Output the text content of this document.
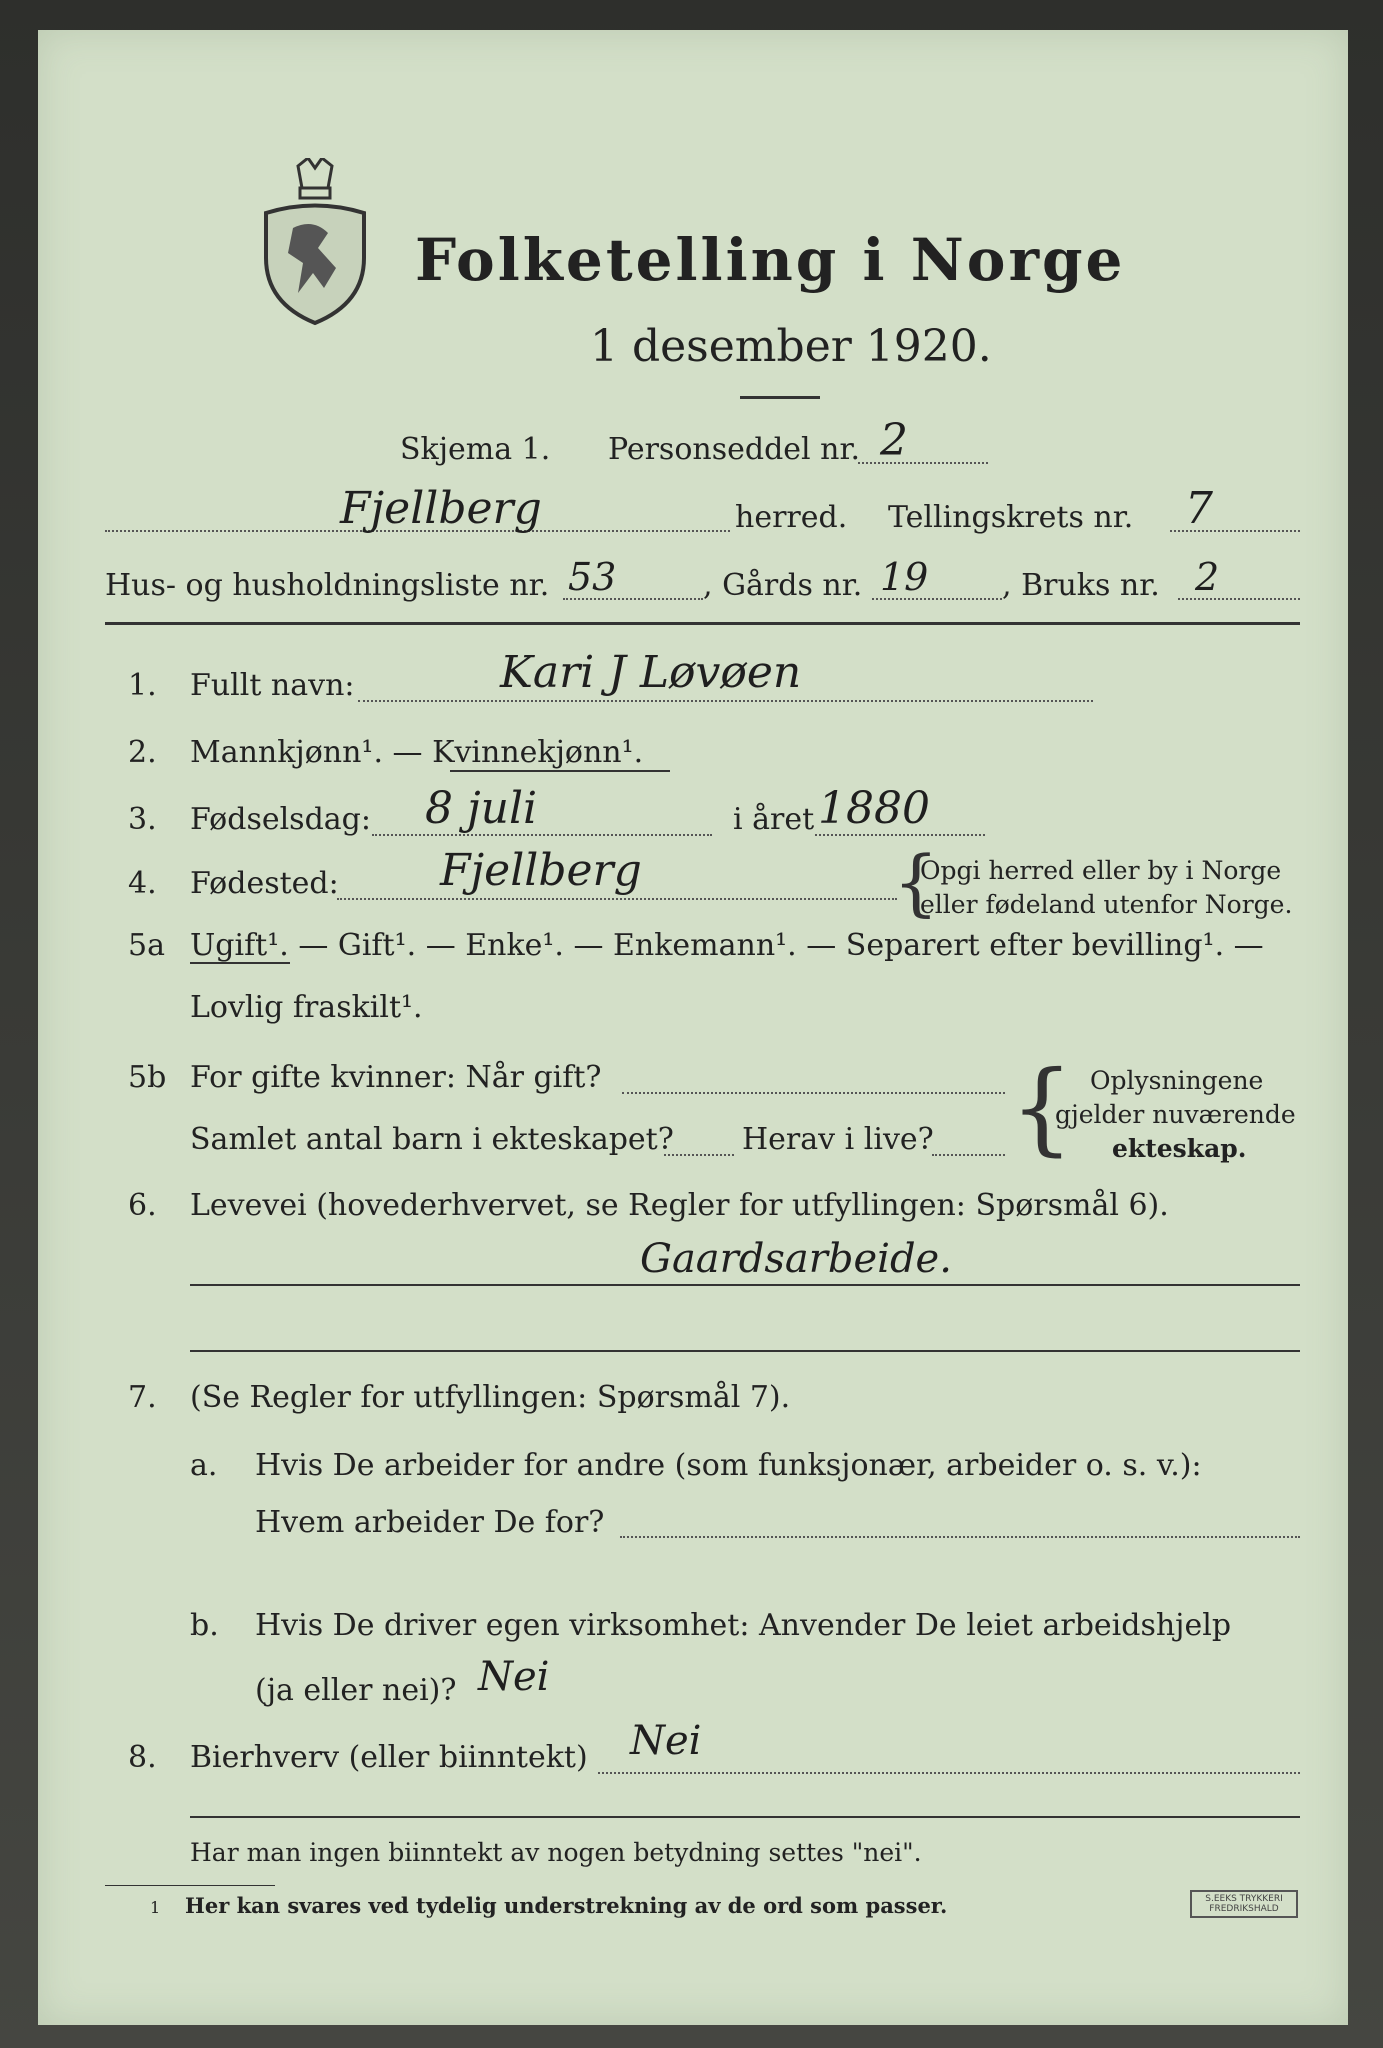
Folketelling i Norge
1 desember 1920.
Skjema 1. Personseddel nr. 2
Fjellberg	herred. Tellingskrets nr. 7
Hus- og husholdningsliste nr. 53	, Gårds nr. 19 , Bruks nr. 2
1. Fullt navn:	Kari J Løvøen
2. Mannkjønn¹. — Kvinnekjønn¹.
3. Fødselsdag: 8 juli	i året 1880
4. Fødested: Fjellberg	{
Opgi herred eller by i Norge
eller fødeland utenfor Norge.
5a Ugift¹. — Gift¹. — Enke¹. — Enkemann¹. — Separert efter bevilling¹. —
Lovlig fraskilt¹.
5b For gifte kvinner: Når gift?
Samlet antal barn i ekteskapet? Herav i live? { Oplysningene
gjelder nuværende
ekteskap.
6. Levevei (hovederhvervet, se Regler for utfyllingen: Spørsmål 6).
Gaardsarbeide.
7. (Se Regler for utfyllingen: Spørsmål 7).
a. Hvis De arbeider for andre (som funksjonær, arbeider o. s. v.):
Hvem arbeider De for?
b. Hvis De driver egen virksomhet: Anvender De leiet arbeidshjelp
(ja eller nei)? Nei
8. Bierhverv (eller biinntekt) Nei
Har man ingen biinntekt av nogen betydning settes "nei".
1 Her kan svares ved tydelig understrekning av de ord som passer.	S.EEKS TRYKKERI
FREDRIKSHALD
